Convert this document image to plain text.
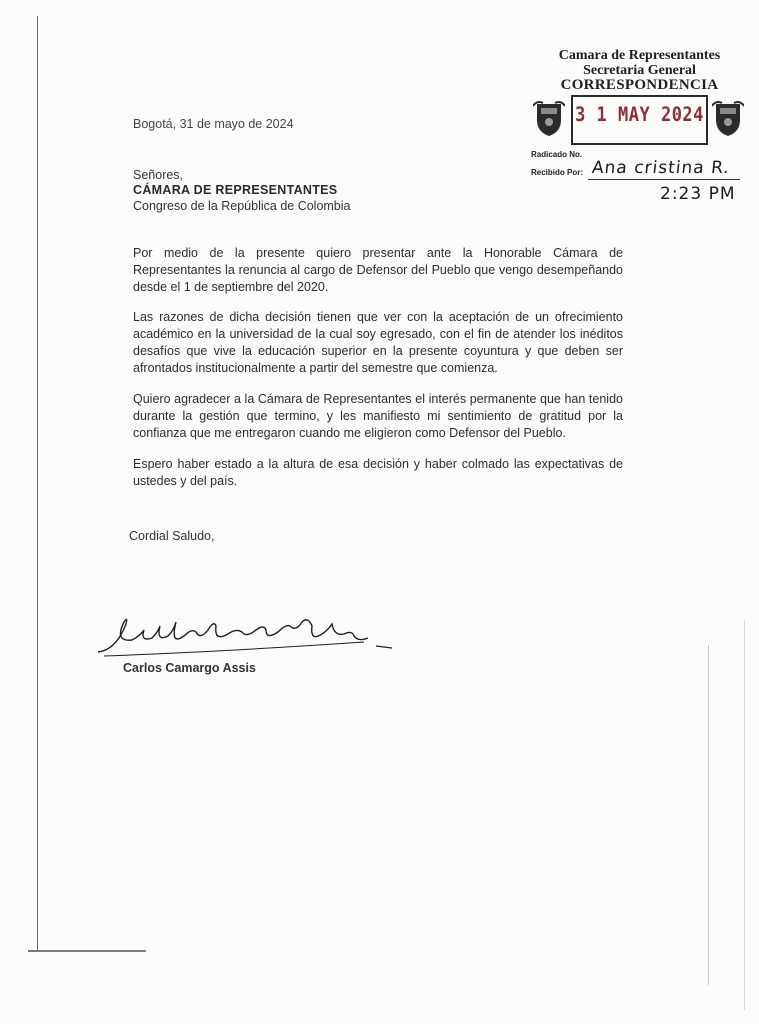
Camara de Representantes
Secretaria General
CORRESPONDENCIA
3 1 MAY 2024
Radicado No.
Recibido Por: Ana cristina R.
2:23 PM
Bogotá, 31 de mayo de 2024
Señores,
CÁMARA DE REPRESENTANTES
Congreso de la República de Colombia

Por medio de la presente quiero presentar ante la Honorable Cámara de Representantes la renuncia al cargo de Defensor del Pueblo que vengo desempeñando desde el 1 de septiembre del 2020.

Las razones de dicha decisión tienen que ver con la aceptación de un ofrecimiento académico en la universidad de la cual soy egresado, con el fin de atender los inéditos desafíos que vive la educación superior en la presente coyuntura y que deben ser afrontados institucionalmente a partir del semestre que comienza.

Quiero agradecer a la Cámara de Representantes el interés permanente que han tenido durante la gestión que termino, y les manifiesto mi sentimiento de gratitud por la confianza que me entregaron cuando me eligieron como Defensor del Pueblo.

Espero haber estado a la altura de esa decisión y haber colmado las expectativas de ustedes y del país.

Cordial Saludo,
Carlos Camargo Assis
